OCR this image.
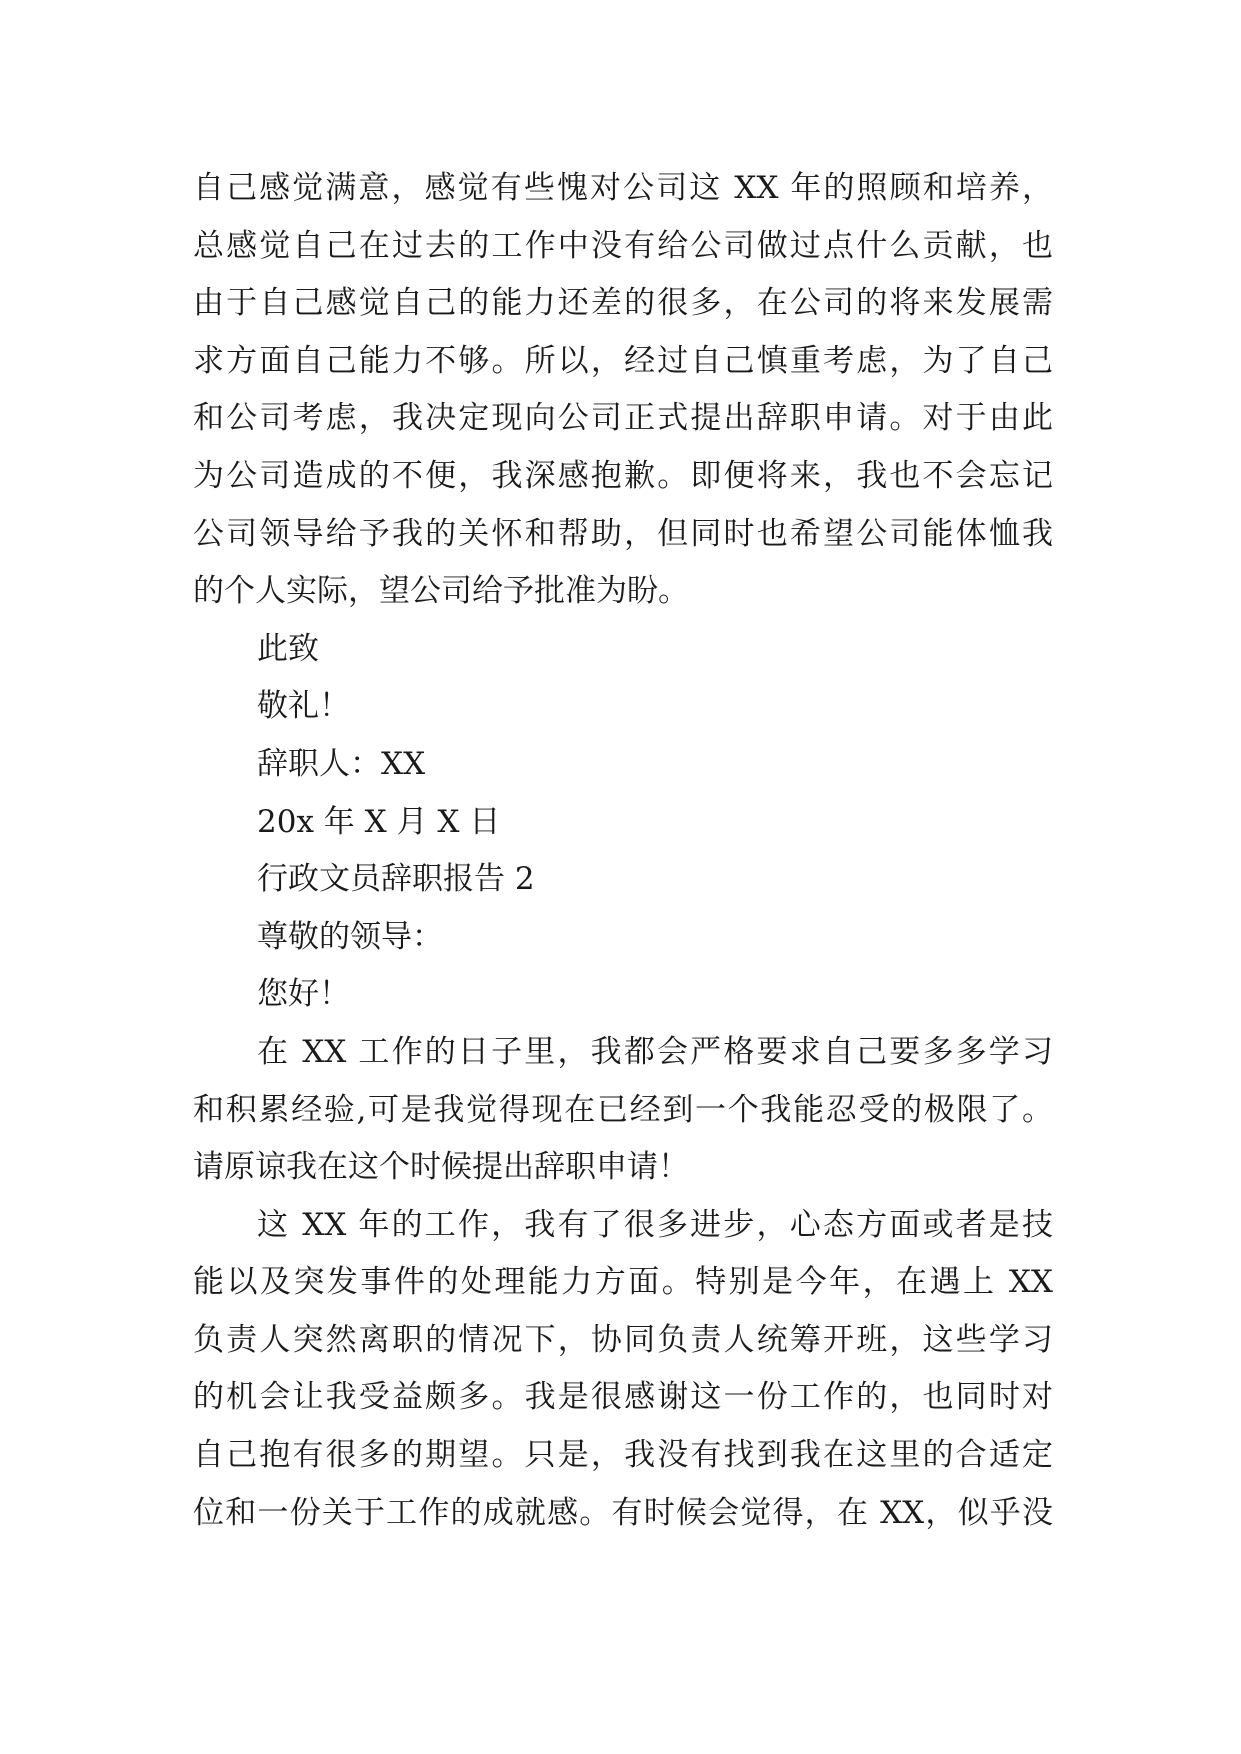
自己感觉满意，感觉有些愧对公司这 XX 年的照顾和培养，
总感觉自己在过去的工作中没有给公司做过点什么贡献，也
由于自己感觉自己的能力还差的很多，在公司的将来发展需
求方面自己能力不够。所以，经过自己慎重考虑，为了自己
和公司考虑，我决定现向公司正式提出辞职申请。对于由此
为公司造成的不便，我深感抱歉。即便将来，我也不会忘记
公司领导给予我的关怀和帮助，但同时也希望公司能体恤我
的个人实际，望公司给予批准为盼。
此致
敬礼！
辞职人：XX
20x 年 X 月 X 日
行政文员辞职报告 2
尊敬的领导：
您好！
在 XX 工作的日子里，我都会严格要求自己要多多学习
和积累经验,可是我觉得现在已经到一个我能忍受的极限了。
请原谅我在这个时候提出辞职申请！
这 XX 年的工作，我有了很多进步，心态方面或者是技
能以及突发事件的处理能力方面。特别是今年，在遇上 XX
负责人突然离职的情况下，协同负责人统筹开班，这些学习
的机会让我受益颇多。我是很感谢这一份工作的，也同时对
自己抱有很多的期望。只是，我没有找到我在这里的合适定
位和一份关于工作的成就感。有时候会觉得，在 XX，似乎没
